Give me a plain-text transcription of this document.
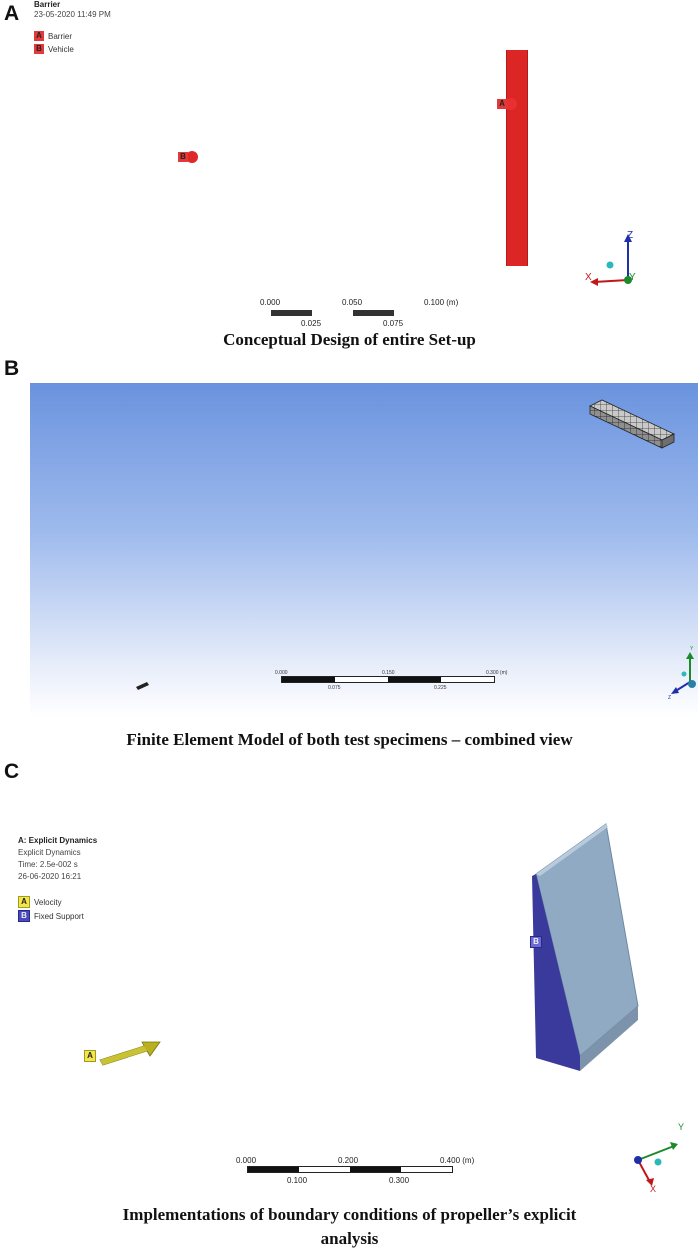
A Barrier
23-05-2020 11:49 PM
A Barrier
B Vehicle
B
A
Z
X	Y
0.000	0.050	0.100 (m)
0.025	0.075
Conceptual Design of entire Set-up
B
Y
Z
0.000	0.150	0.300 (m)
0.075	0.225
Finite Element Model of both test specimens – combined view
C
A: Explicit Dynamics
Explicit Dynamics
Time: 2.5e-002 s
26-06-2020 16:21
A Velocity
B Fixed Support
A
B
Y
X
0.000	0.200	0.400 (m)
0.100	0.300
Implementations of boundary conditions of propeller’s explicit
analysis
